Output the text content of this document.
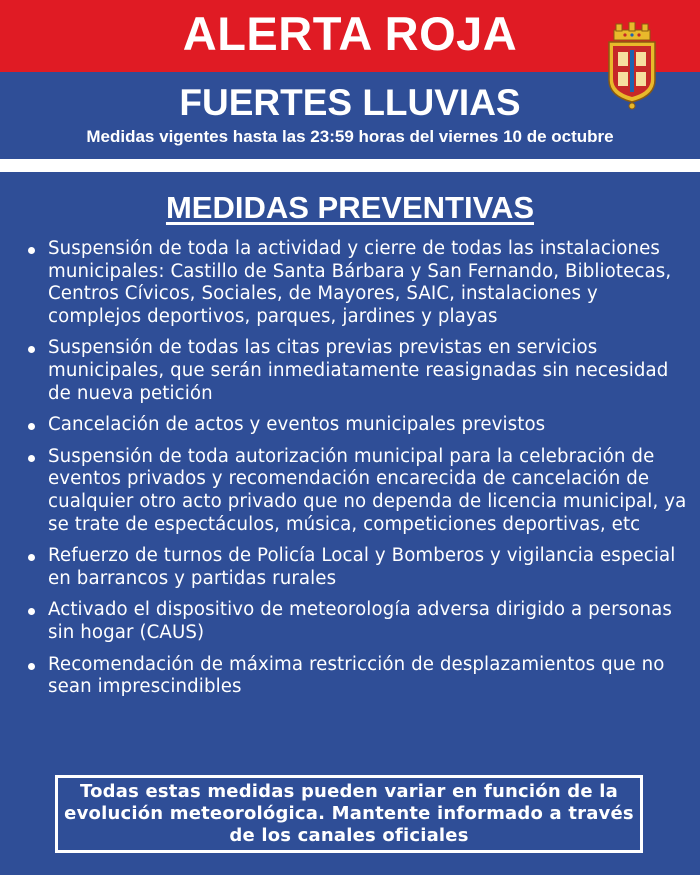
ALERTA ROJA
FUERTES LLUVIAS
Medidas vigentes hasta las 23:59 horas del viernes 10 de octubre
MEDIDAS PREVENTIVAS
Suspensión de toda la actividad y cierre de todas las instalaciones municipales: Castillo de Santa Bárbara y San Fernando, Bibliotecas, Centros Cívicos, Sociales, de Mayores, SAIC, instalaciones y complejos deportivos, parques, jardines y playas
Suspensión de todas las citas previas previstas en servicios municipales, que serán inmediatamente reasignadas sin necesidad de nueva petición
Cancelación de actos y eventos municipales previstos
Suspensión de toda autorización municipal para la celebración de eventos privados y recomendación encarecida de cancelación de cualquier otro acto privado que no dependa de licencia municipal, ya se trate de espectáculos, música, competiciones deportivas, etc
Refuerzo de turnos de Policía Local y Bomberos y vigilancia especial en barrancos y partidas rurales
Activado el dispositivo de meteorología adversa dirigido a personas sin hogar (CAUS)
Recomendación de máxima restricción de desplazamientos que no sean imprescindibles
Todas estas medidas pueden variar en función de la evolución meteorológica. Mantente informado a través de los canales oficiales
